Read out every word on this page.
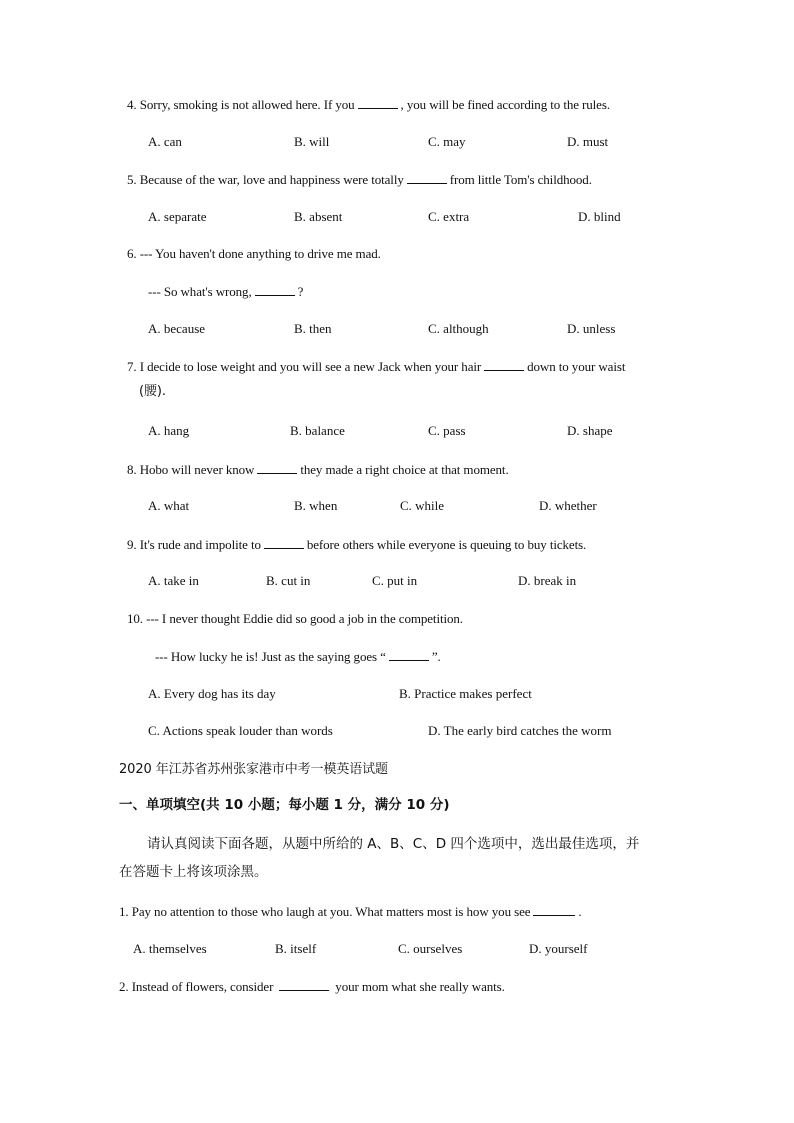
4. Sorry, smoking is not allowed here. If you	, you will be fined according to the rules.
A. can	B. will	C. may	D. must
5. Because of the war, love and happiness were totally	from little Tom's childhood.
A. separate	B. absent	C. extra	D. blind
6. --- You haven't done anything to drive me mad.
--- So what's wrong,	?
A. because	B. then	C. although	D. unless
7. I decide to lose weight and you will see a new Jack when your hair	down to your waist
(腰).
A. hang	B. balance	C. pass	D. shape
8. Hobo will never know	they made a right choice at that moment.
A. what	B. when	C. while	D. whether
9. It's rude and impolite to	before others while everyone is queuing to buy tickets.
A. take in	B. cut in	C. put in	D. break in
10. --- I never thought Eddie did so good a job in the competition.
--- How lucky he is! Just as the saying goes “	”.
A. Every dog has its day	B. Practice makes perfect
C. Actions speak louder than words	D. The early bird catches the worm
2020 年江苏省苏州张家港市中考一模英语试题
一、单项填空(共 10 小题；每小题 1 分，满分 10 分)
请认真阅读下面各题，从题中所给的 A、B、C、D 四个选项中，选出最佳选项，并
在答题卡上将该项涂黑。
1. Pay no attention to those who laugh at you. What matters most is how you see	.
A. themselves	B. itself	C. ourselves	D. yourself
2. Instead of flowers, consider	your mom what she really wants.
